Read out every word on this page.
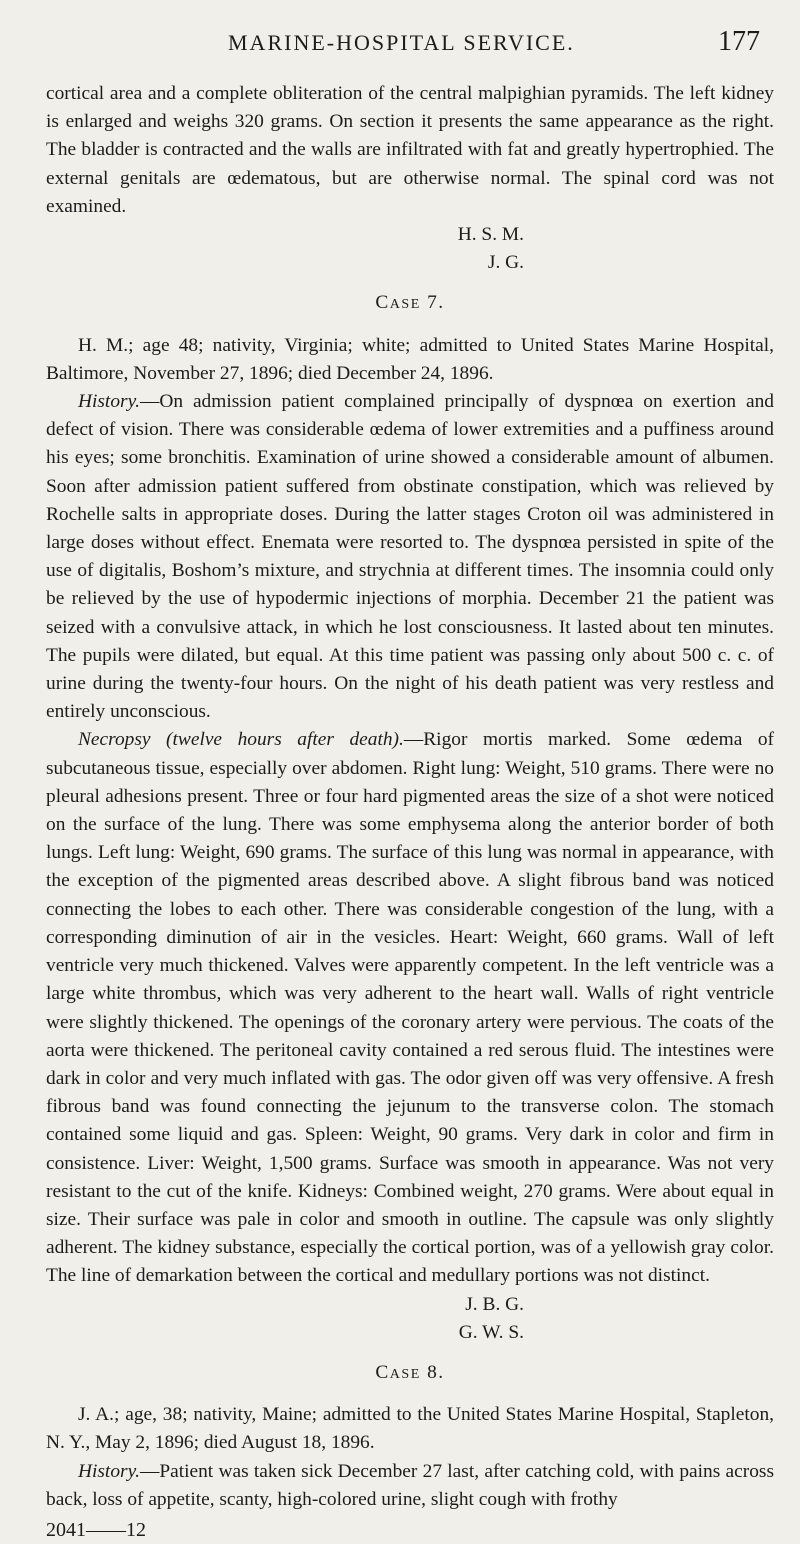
MARINE-HOSPITAL SERVICE.	177

cortical area and a complete obliteration of the central malpighian pyramids. The left kidney is enlarged and weighs 320 grams. On section it presents the same appearance as the right. The bladder is contracted and the walls are infiltrated with fat and greatly hypertrophied. The external genitals are œdematous, but are otherwise normal. The spinal cord was not examined.

H. S. M.
J. G.
Case 7.

H. M.; age 48; nativity, Virginia; white; admitted to United States Marine Hospital, Baltimore, November 27, 1896; died December 24, 1896.

History.—On admission patient complained principally of dyspnœa on exertion and defect of vision. There was considerable œdema of lower extremities and a puffiness around his eyes; some bronchitis. Examination of urine showed a considerable amount of albumen. Soon after admission patient suffered from obstinate constipation, which was relieved by Rochelle salts in appropriate doses. During the latter stages Croton oil was administered in large doses without effect. Enemata were resorted to. The dyspnœa persisted in spite of the use of digitalis, Boshom’s mixture, and strychnia at different times. The insomnia could only be relieved by the use of hypodermic injections of morphia. December 21 the patient was seized with a convulsive attack, in which he lost consciousness. It lasted about ten minutes. The pupils were dilated, but equal. At this time patient was passing only about 500 c. c. of urine during the twenty-four hours. On the night of his death patient was very restless and entirely unconscious.

Necropsy (twelve hours after death).—Rigor mortis marked. Some œdema of subcutaneous tissue, especially over abdomen. Right lung: Weight, 510 grams. There were no pleural adhesions present. Three or four hard pigmented areas the size of a shot were noticed on the surface of the lung. There was some emphysema along the anterior border of both lungs. Left lung: Weight, 690 grams. The surface of this lung was normal in appearance, with the exception of the pigmented areas described above. A slight fibrous band was noticed connecting the lobes to each other. There was considerable congestion of the lung, with a corresponding diminution of air in the vesicles. Heart: Weight, 660 grams. Wall of left ventricle very much thickened. Valves were apparently competent. In the left ventricle was a large white thrombus, which was very adherent to the heart wall. Walls of right ventricle were slightly thickened. The openings of the coronary artery were pervious. The coats of the aorta were thickened. The peritoneal cavity contained a red serous fluid. The intestines were dark in color and very much inflated with gas. The odor given off was very offensive. A fresh fibrous band was found connecting the jejunum to the transverse colon. The stomach contained some liquid and gas. Spleen: Weight, 90 grams. Very dark in color and firm in consistence. Liver: Weight, 1,500 grams. Surface was smooth in appearance. Was not very resistant to the cut of the knife. Kidneys: Combined weight, 270 grams. Were about equal in size. Their surface was pale in color and smooth in outline. The capsule was only slightly adherent. The kidney substance, especially the cortical portion, was of a yellowish gray color. The line of demarkation between the cortical and medullary portions was not distinct.

J. B. G.
G. W. S.
Case 8.

J. A.; age, 38; nativity, Maine; admitted to the United States Marine Hospital, Stapleton, N. Y., May 2, 1896; died August 18, 1896.

History.—Patient was taken sick December 27 last, after catching cold, with pains across back, loss of appetite, scanty, high-colored urine, slight cough with frothy

2041——12
